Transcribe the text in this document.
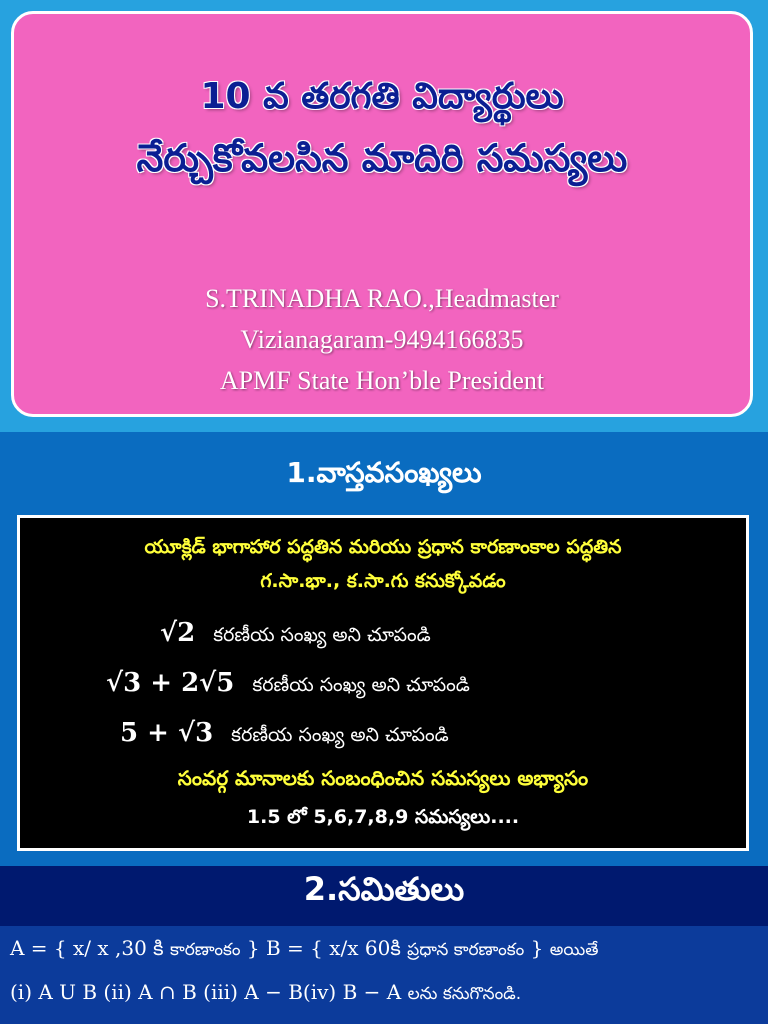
10 వ తరగతి విద్యార్థులు
నేర్చుకోవలసిన మాదిరి సమస్యలు
S.TRINADHA RAO.,Headmaster
Vizianagaram-9494166835
APMF State Hon’ble President
1.వాస్తవసంఖ్యలు
యూక్లిడ్ భాగాహార పద్ధతిన మరియు ప్రధాన కారణాంకాల పద్ధతిన
గ.సా.భా., క.సా.గు కనుక్కోవడం
√2 కరణీయ సంఖ్య అని చూపండి
√3 + 2√5 కరణీయ సంఖ్య అని చూపండి
5 + √3 కరణీయ సంఖ్య అని చూపండి
సంవర్గ మానాలకు సంబంధించిన సమస్యలు అభ్యాసం
1.5 లో 5,6,7,8,9 సమస్యలు....
2.సమితులు
A = { x/ x ,30 కి కారణాంకం } B = { x/x 60కి ప్రధాన కారణాంకం } అయితే
(i) A U B (ii) A ∩ B (iii) A − B(iv) B − A లను కనుగొనండి.
